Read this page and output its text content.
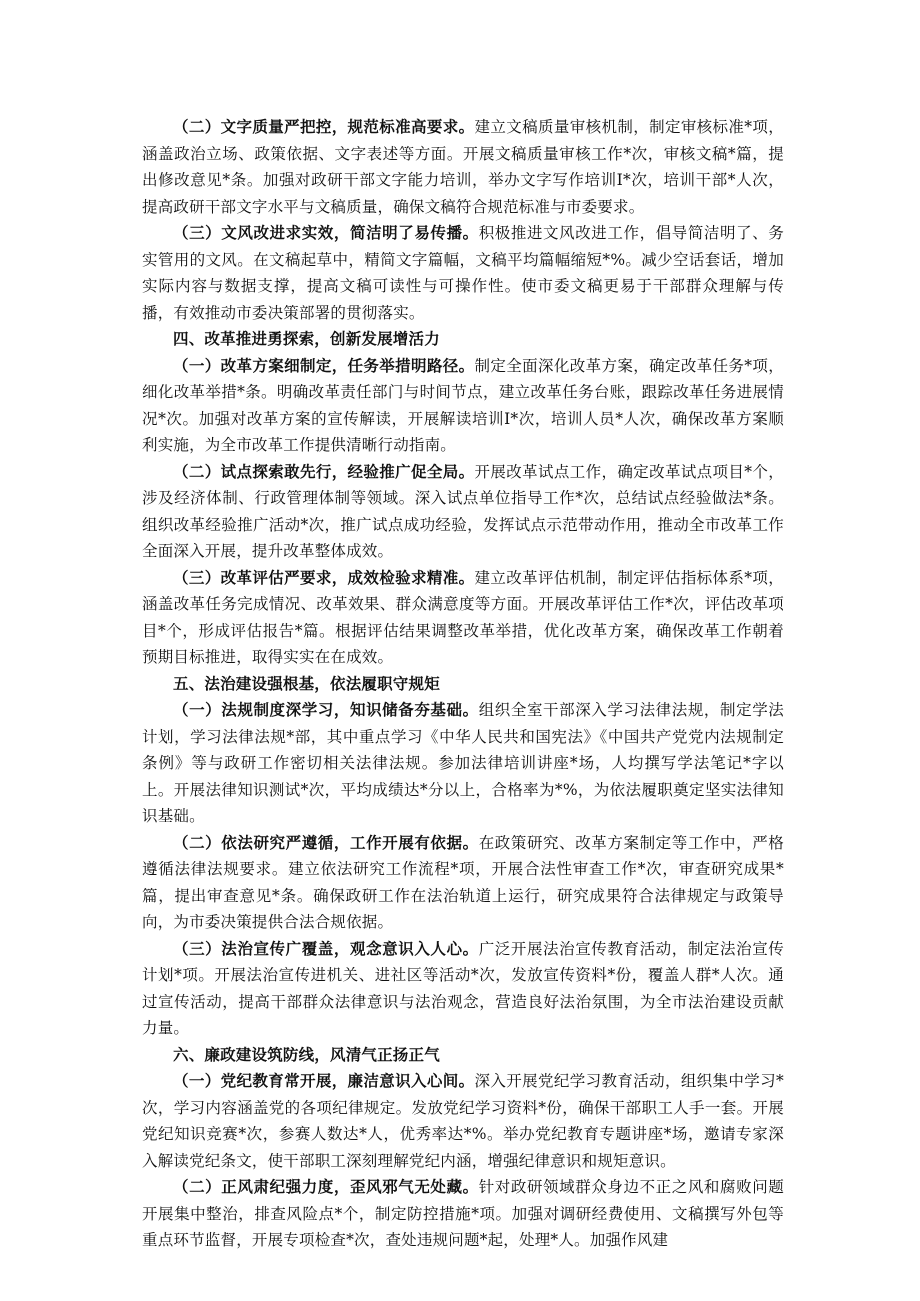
（二）文字质量严把控，规范标准高要求。建立文稿质量审核机制，制定审核标准*项，涵盖政治立场、政策依据、文字表述等方面。开展文稿质量审核工作*次，审核文稿*篇，提出修改意见*条。加强对政研干部文字能力培训，举办文字写作培训I*次，培训干部*人次，提高政研干部文字水平与文稿质量，确保文稿符合规范标准与市委要求。

（三）文风改进求实效，简洁明了易传播。积极推进文风改进工作，倡导简洁明了、务实管用的文风。在文稿起草中，精简文字篇幅，文稿平均篇幅缩短*%。减少空话套话，增加实际内容与数据支撑，提高文稿可读性与可操作性。使市委文稿更易于干部群众理解与传播，有效推动市委决策部署的贯彻落实。

四、改革推进勇探索，创新发展增活力

（一）改革方案细制定，任务举措明路径。制定全面深化改革方案，确定改革任务*项，细化改革举措*条。明确改革责任部门与时间节点，建立改革任务台账，跟踪改革任务进展情况*次。加强对改革方案的宣传解读，开展解读培训I*次，培训人员*人次，确保改革方案顺利实施，为全市改革工作提供清晰行动指南。

（二）试点探索敢先行，经验推广促全局。开展改革试点工作，确定改革试点项目*个，涉及经济体制、行政管理体制等领域。深入试点单位指导工作*次，总结试点经验做法*条。组织改革经验推广活动*次，推广试点成功经验，发挥试点示范带动作用，推动全市改革工作全面深入开展，提升改革整体成效。

（三）改革评估严要求，成效检验求精准。建立改革评估机制，制定评估指标体系*项，涵盖改革任务完成情况、改革效果、群众满意度等方面。开展改革评估工作*次，评估改革项目*个，形成评估报告*篇。根据评估结果调整改革举措，优化改革方案，确保改革工作朝着预期目标推进，取得实实在在成效。

五、法治建设强根基，依法履职守规矩

（一）法规制度深学习，知识储备夯基础。组织全室干部深入学习法律法规，制定学法计划，学习法律法规*部，其中重点学习《中华人民共和国宪法》《中国共产党党内法规制定条例》等与政研工作密切相关法律法规。参加法律培训讲座*场，人均撰写学法笔记*字以上。开展法律知识测试*次，平均成绩达*分以上，合格率为*%，为依法履职奠定坚实法律知识基础。

（二）依法研究严遵循，工作开展有依据。在政策研究、改革方案制定等工作中，严格遵循法律法规要求。建立依法研究工作流程*项，开展合法性审查工作*次，审查研究成果*篇，提出审查意见*条。确保政研工作在法治轨道上运行，研究成果符合法律规定与政策导向，为市委决策提供合法合规依据。

（三）法治宣传广覆盖，观念意识入人心。广泛开展法治宣传教育活动，制定法治宣传计划*项。开展法治宣传进机关、进社区等活动*次，发放宣传资料*份，覆盖人群*人次。通过宣传活动，提高干部群众法律意识与法治观念，营造良好法治氛围，为全市法治建设贡献力量。

六、廉政建设筑防线，风清气正扬正气

（一）党纪教育常开展，廉洁意识入心间。深入开展党纪学习教育活动，组织集中学习*次，学习内容涵盖党的各项纪律规定。发放党纪学习资料*份，确保干部职工人手一套。开展党纪知识竞赛*次，参赛人数达*人，优秀率达*%。举办党纪教育专题讲座*场，邀请专家深入解读党纪条文，使干部职工深刻理解党纪内涵，增强纪律意识和规矩意识。

（二）正风肃纪强力度，歪风邪气无处藏。针对政研领域群众身边不正之风和腐败问题开展集中整治，排查风险点*个，制定防控措施*项。加强对调研经费使用、文稿撰写外包等重点环节监督，开展专项检查*次，查处违规问题*起，处理*人。加强作风建
